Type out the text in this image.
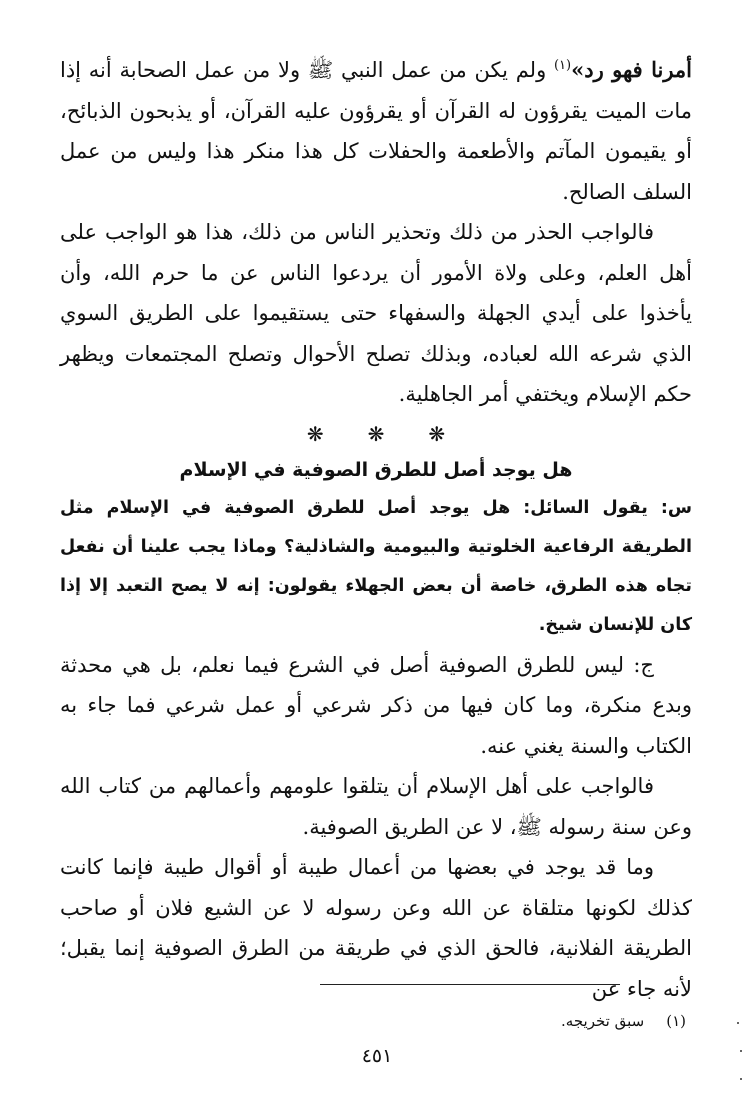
أمرنا فهو رد»$^{(١)}$ ولم يكن من عمل النبي ﷺ ولا من عمل الصحابة أنه إذا مات الميت يقرؤون له القرآن أو يقرؤون عليه القرآن، أو يذبحون الذبائح، أو يقيمون المآتم والأطعمة والحفلات كل هذا منكر هذا وليس من عمل السلف الصالح.

فالواجب الحذر من ذلك وتحذير الناس من ذلك، هذا هو الواجب على أهل العلم، وعلى ولاة الأمور أن يردعوا الناس عن ما حرم الله، وأن يأخذوا على أيدي الجهلة والسفهاء حتى يستقيموا على الطريق السوي الذي شرعه الله لعباده، وبذلك تصلح الأحوال وتصلح المجتمعات ويظهر حكم الإسلام ويختفي أمر الجاهلية.

❋❋❋
هل يوجد أصل للطرق الصوفية في الإسلام

س: يقول السائل: هل يوجد أصل للطرق الصوفية في الإسلام مثل الطريقة الرفاعية الخلوتية والبيومية والشاذلية؟ وماذا يجب علينا أن نفعل تجاه هذه الطرق، خاصة أن بعض الجهلاء يقولون: إنه لا يصح التعبد إلا إذا كان للإنسان شيخ.

ج: ليس للطرق الصوفية أصل في الشرع فيما نعلم، بل هي محدثة وبدع منكرة، وما كان فيها من ذكر شرعي أو عمل شرعي فما جاء به الكتاب والسنة يغني عنه.

فالواجب على أهل الإسلام أن يتلقوا علومهم وأعمالهم من كتاب الله وعن سنة رسوله ﷺ، لا عن الطريق الصوفية.

وما قد يوجد في بعضها من أعمال طيبة أو أقوال طيبة فإنما كانت كذلك لكونها متلقاة عن الله وعن رسوله لا عن الشيع فلان أو صاحب الطريقة الفلانية، فالحق الذي في طريقة من الطرق الصوفية إنما يقبل؛ لأنه جاء عن

(١)سبق تخريجه.
٤٥١
